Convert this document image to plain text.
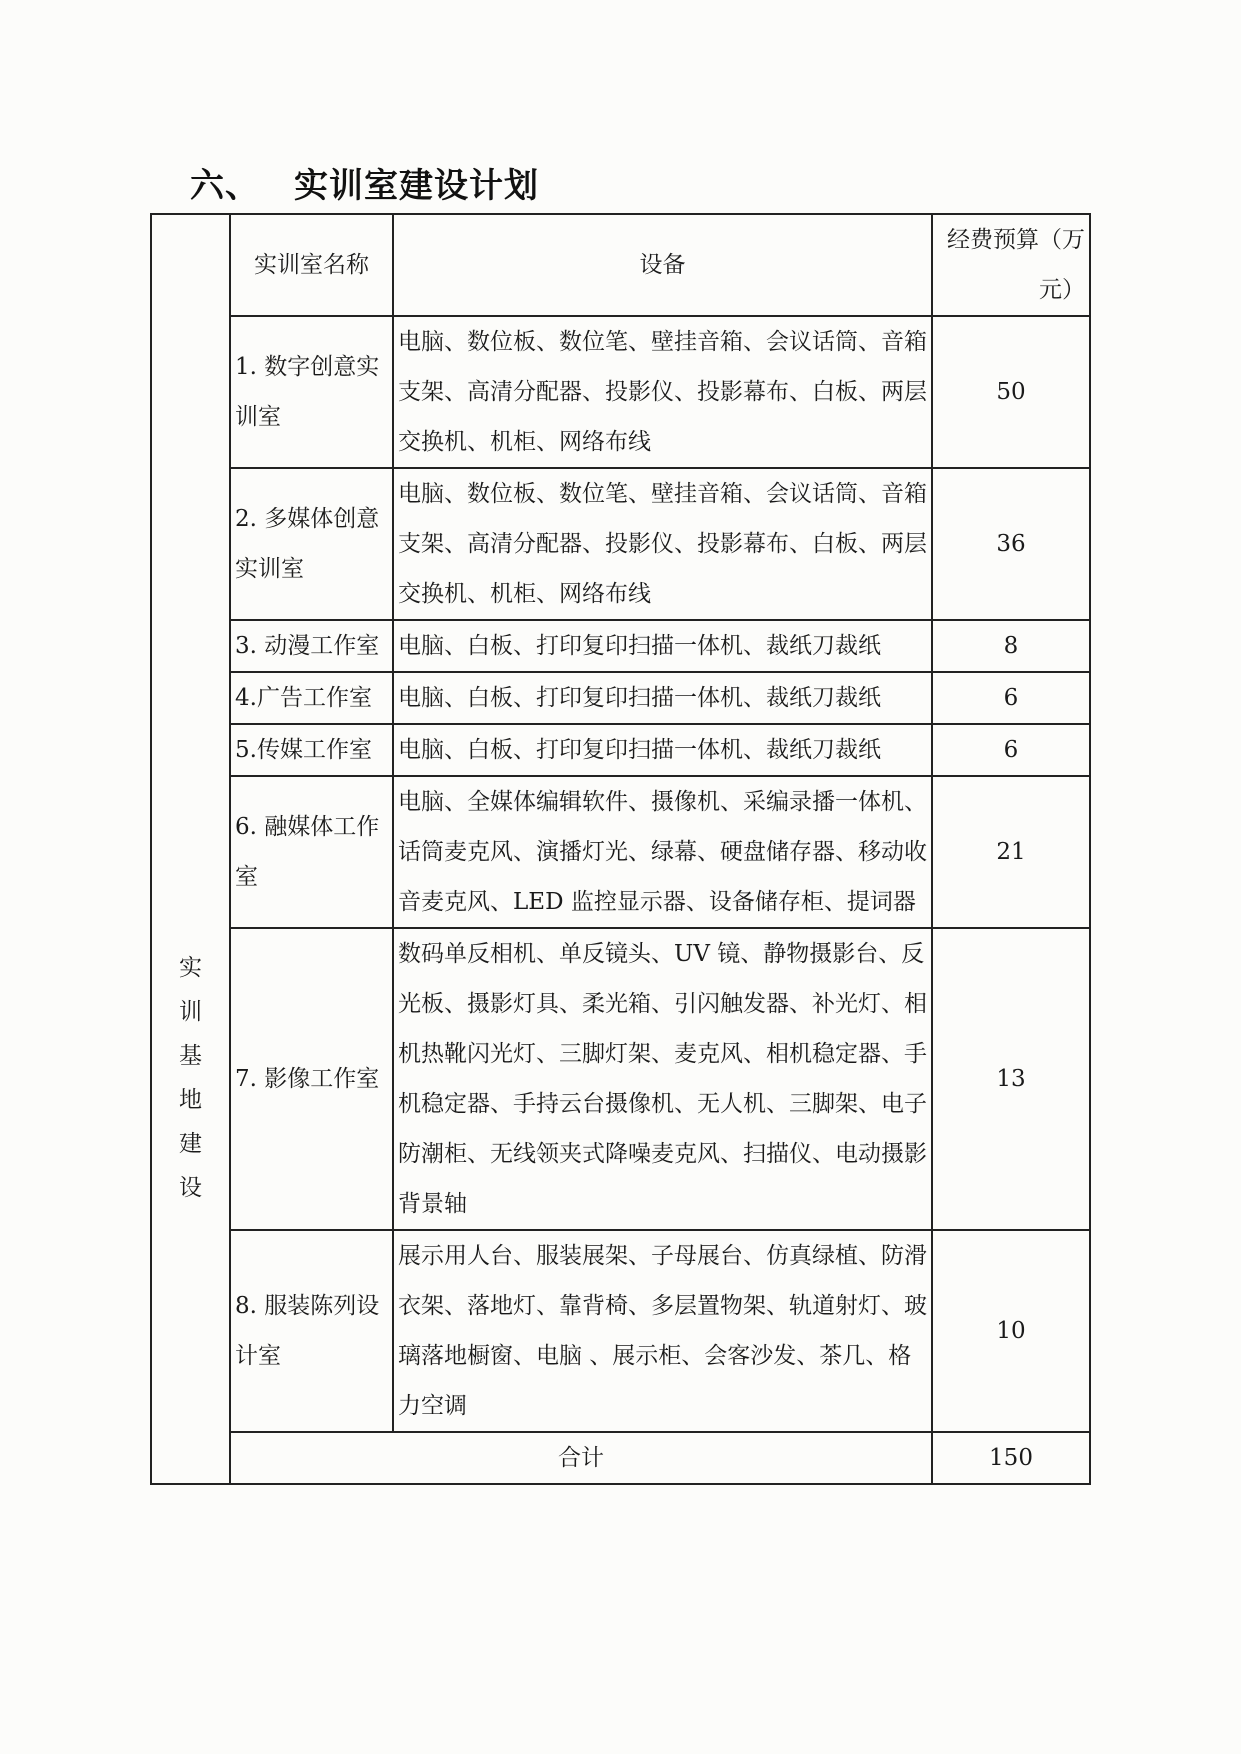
六、 实训室建设计划
实训基地建设	实训室名称	设备	经费预算（万元）
	1. 数字创意实训室	电脑、数位板、数位笔、壁挂音箱、会议话筒、音箱支架、高清分配器、投影仪、投影幕布、白板、两层交换机、机柜、网络布线	50
	2. 多媒体创意实训室	电脑、数位板、数位笔、壁挂音箱、会议话筒、音箱支架、高清分配器、投影仪、投影幕布、白板、两层交换机、机柜、网络布线	36
	3. 动漫工作室	电脑、白板、打印复印扫描一体机、裁纸刀裁纸	8
	4.广告工作室	电脑、白板、打印复印扫描一体机、裁纸刀裁纸	6
	5.传媒工作室	电脑、白板、打印复印扫描一体机、裁纸刀裁纸	6
	6. 融媒体工作室	电脑、全媒体编辑软件、摄像机、采编录播一体机、话筒麦克风、演播灯光、绿幕、硬盘储存器、移动收音麦克风、LED 监控显示器、设备储存柜、提词器	21
	7. 影像工作室	数码单反相机、单反镜头、UV 镜、静物摄影台、反光板、摄影灯具、柔光箱、引闪触发器、补光灯、相机热靴闪光灯、三脚灯架、麦克风、相机稳定器、手机稳定器、手持云台摄像机、无人机、三脚架、电子防潮柜、无线领夹式降噪麦克风、扫描仪、电动摄影背景轴	13
	8. 服装陈列设计室	展示用人台、服装展架、子母展台、仿真绿植、防滑衣架、落地灯、靠背椅、多层置物架、轨道射灯、玻璃落地橱窗、电脑 、展示柜、会客沙发、茶几、格力空调	10
	合计		150
